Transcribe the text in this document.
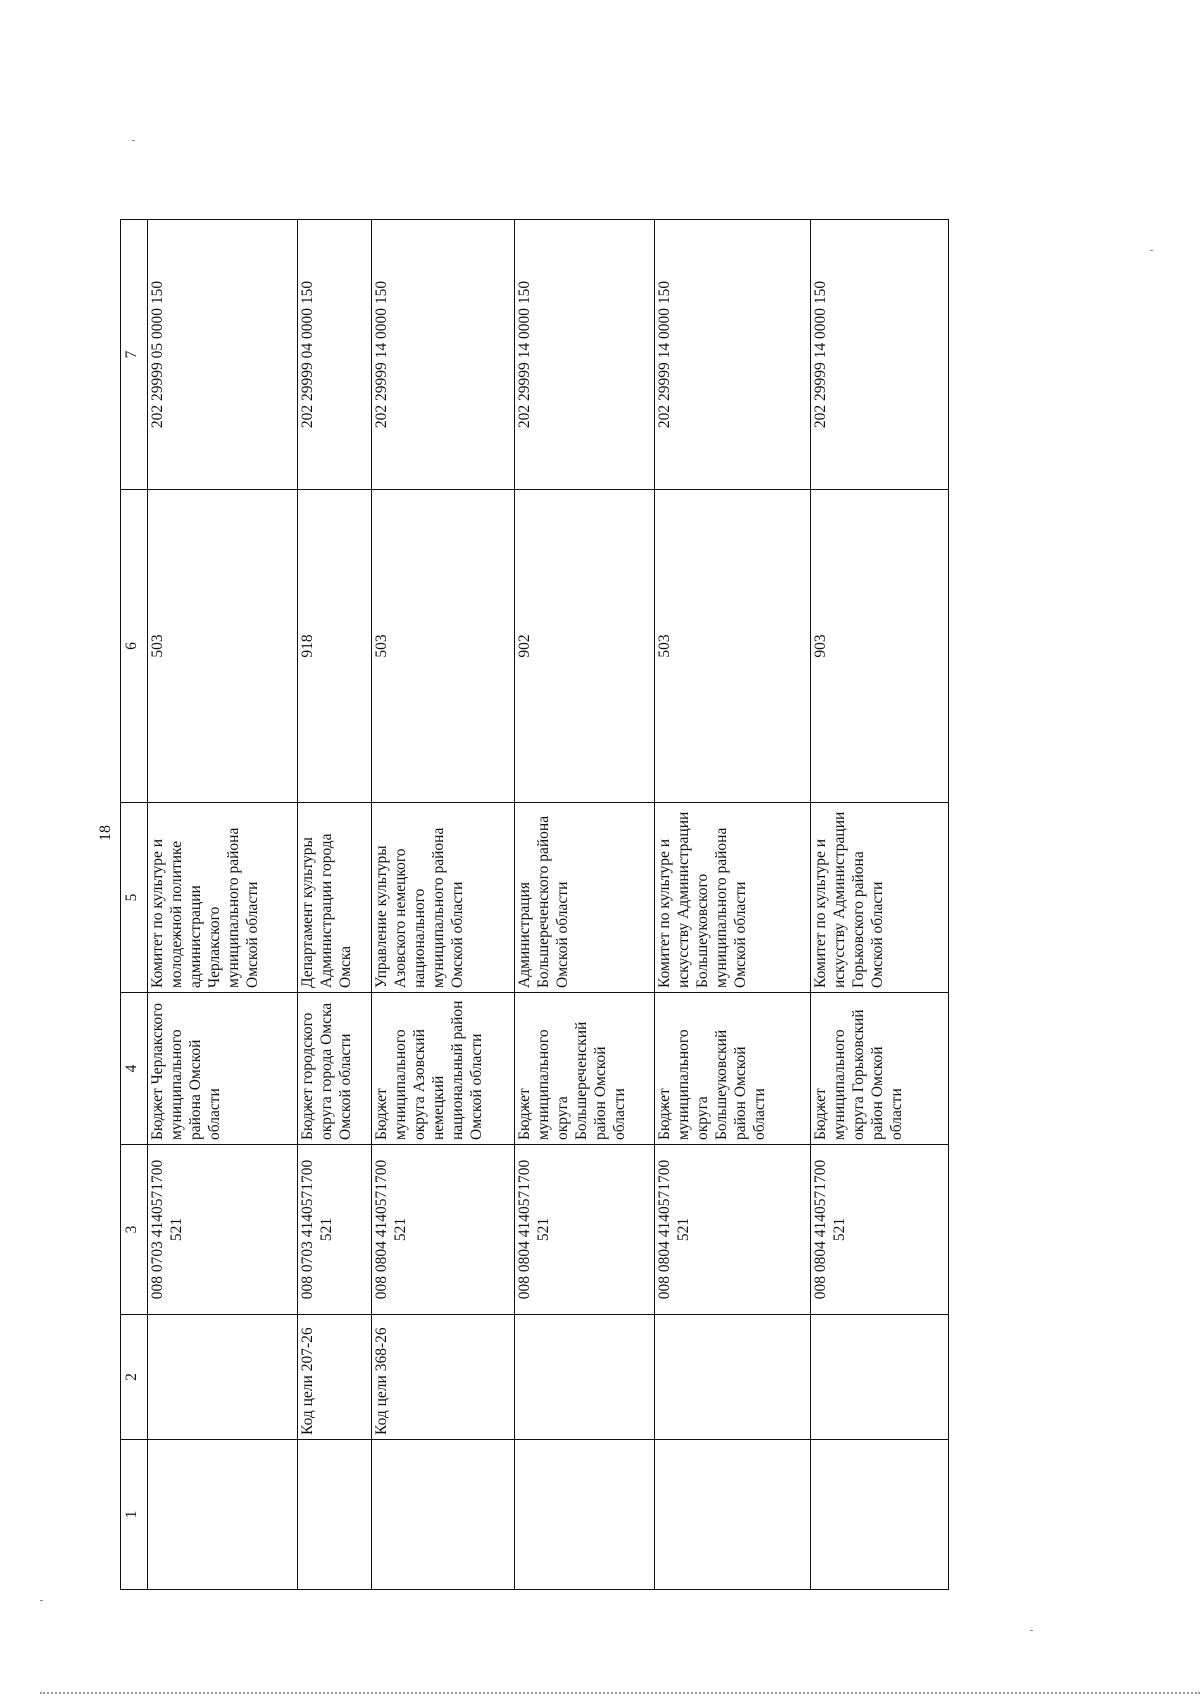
18
1	2	3	4	5	6	7
		008 0703 4140571700 521	Бюджет Черлакского муниципального района Омской области	Комитет по культуре и молодежной политике администрации Черлакского муниципального района Омской области	503	202 29999 05 0000 150
	Код цели 207-26	008 0703 4140571700 521	Бюджет городского округа города Омска Омской области	Департамент культуры Администрации города Омска	918	202 29999 04 0000 150
	Код цели 368-26	008 0804 4140571700 521	Бюджет муниципального округа Азовский немецкий национальный район Омской области	Управление культуры Азовского немецкого национального муниципального района Омской области	503	202 29999 14 0000 150
		008 0804 4140571700 521	Бюджет муниципального округа Большереченский район Омской области	Администрация Большереченского района Омской области	902	202 29999 14 0000 150
		008 0804 4140571700 521	Бюджет муниципального округа Большеуковский район Омской области	Комитет по культуре и искусству Администрации Большеуковского муниципального района Омской области	503	202 29999 14 0000 150
		008 0804 4140571700 521	Бюджет муниципального округа Горьковский район Омской области	Комитет по культуре и искусству Администрации Горьковского района Омской области	903	202 29999 14 0000 150
